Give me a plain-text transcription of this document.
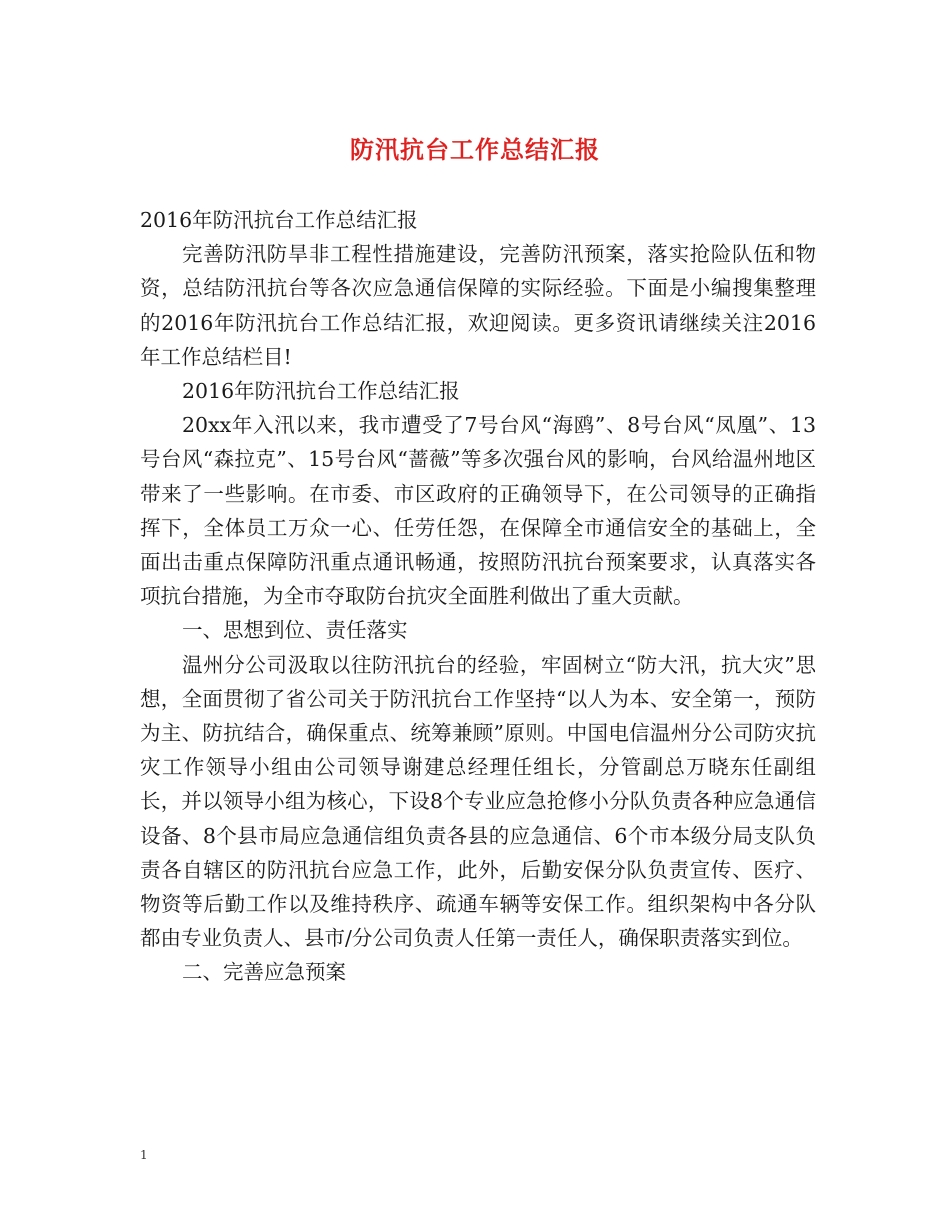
防汛抗台工作总结汇报

2016年防汛抗台工作总结汇报

完善防汛防旱非工程性措施建设，完善防汛预案，落实抢险队伍和物资，总结防汛抗台等各次应急通信保障的实际经验。下面是小编搜集整理的2016年防汛抗台工作总结汇报，欢迎阅读。更多资讯请继续关注2016年工作总结栏目!

2016年防汛抗台工作总结汇报

20xx年入汛以来，我市遭受了7号台风“海鸥”、8号台风“凤凰”、13号台风“森拉克”、15号台风“蔷薇”等多次强台风的影响，台风给温州地区带来了一些影响。在市委、市区政府的正确领导下，在公司领导的正确指挥下，全体员工万众一心、任劳任怨，在保障全市通信安全的基础上，全面出击重点保障防汛重点通讯畅通，按照防汛抗台预案要求，认真落实各项抗台措施，为全市夺取防台抗灾全面胜利做出了重大贡献。

一、思想到位、责任落实

温州分公司汲取以往防汛抗台的经验，牢固树立“防大汛，抗大灾”思想，全面贯彻了省公司关于防汛抗台工作坚持“以人为本、安全第一，预防为主、防抗结合，确保重点、统筹兼顾”原则。中国电信温州分公司防灾抗灾工作领导小组由公司领导谢建总经理任组长，分管副总万晓东任副组长，并以领导小组为核心，下设8个专业应急抢修小分队负责各种应急通信设备、8个县市局应急通信组负责各县的应急通信、6个市本级分局支队负责各自辖区的防汛抗台应急工作，此外，后勤安保分队负责宣传、医疗、物资等后勤工作以及维持秩序、疏通车辆等安保工作。组织架构中各分队都由专业负责人、县市/分公司负责人任第一责任人，确保职责落实到位。

二、完善应急预案

1
